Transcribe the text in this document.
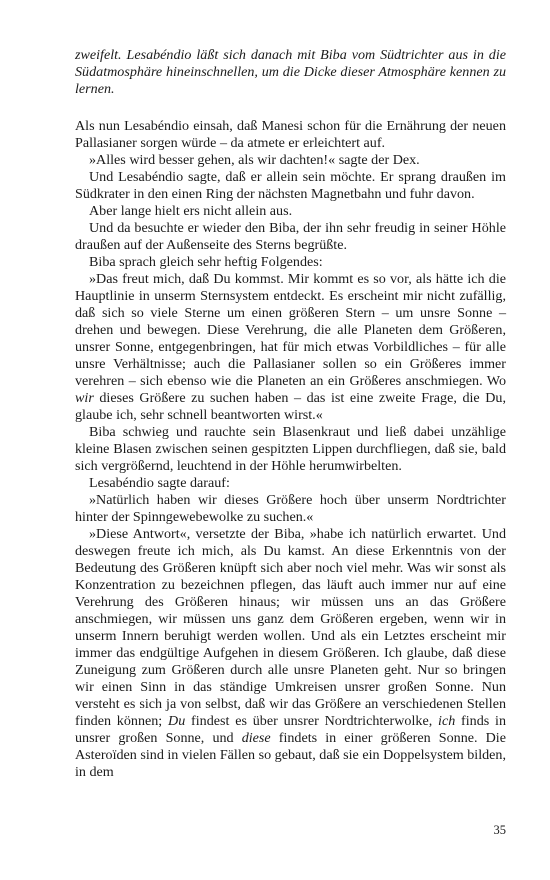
zweifelt. Lesabéndio läßt sich danach mit Biba vom Südtrichter aus in die Südatmosphäre hineinschnellen, um die Dicke dieser Atmosphäre kennen zu lernen.

Als nun Lesabéndio einsah, daß Manesi schon für die Ernährung der neuen Pallasianer sorgen würde – da atmete er erleichtert auf.

»Alles wird besser gehen, als wir dachten!« sagte der Dex.

Und Lesabéndio sagte, daß er allein sein möchte. Er sprang draußen im Südkrater in den einen Ring der nächsten Magnetbahn und fuhr davon.

Aber lange hielt ers nicht allein aus.

Und da besuchte er wieder den Biba, der ihn sehr freudig in seiner Höhle draußen auf der Außenseite des Sterns begrüßte.

Biba sprach gleich sehr heftig Folgendes:

»Das freut mich, daß Du kommst. Mir kommt es so vor, als hätte ich die Hauptlinie in unserm Sternsystem entdeckt. Es erscheint mir nicht zufällig, daß sich so viele Sterne um einen größeren Stern – um unsre Sonne – drehen und bewegen. Diese Verehrung, die alle Planeten dem Größeren, unsrer Sonne, entgegenbringen, hat für mich etwas Vorbildliches – für alle unsre Verhältnisse; auch die Pallasianer sollen so ein Größeres immer verehren – sich ebenso wie die Planeten an ein Größeres anschmiegen. Wo wir dieses Größere zu suchen haben – das ist eine zweite Frage, die Du, glaube ich, sehr schnell beantworten wirst.«

Biba schwieg und rauchte sein Blasenkraut und ließ dabei unzählige kleine Blasen zwischen seinen gespitzten Lippen durchfliegen, daß sie, bald sich vergrößernd, leuchtend in der Höhle herumwirbelten.

Lesabéndio sagte darauf:

»Natürlich haben wir dieses Größere hoch über unserm Nordtrichter hinter der Spinngewebewolke zu suchen.«

»Diese Antwort«, versetzte der Biba, »habe ich natürlich erwartet. Und deswegen freute ich mich, als Du kamst. An diese Erkenntnis von der Bedeutung des Größeren knüpft sich aber noch viel mehr. Was wir sonst als Konzentration zu bezeichnen pflegen, das läuft auch immer nur auf eine Verehrung des Größeren hinaus; wir müssen uns an das Größere anschmiegen, wir müssen uns ganz dem Größeren ergeben, wenn wir in unserm Innern beruhigt werden wollen. Und als ein Letztes erscheint mir immer das endgültige Aufgehen in diesem Größeren. Ich glaube, daß diese Zuneigung zum Größeren durch alle unsre Planeten geht. Nur so bringen wir einen Sinn in das ständige Umkreisen unsrer großen Sonne. Nun versteht es sich ja von selbst, daß wir das Größere an verschiedenen Stellen finden können; Du findest es über unsrer Nordtrichterwolke, ich finds in unsrer großen Sonne, und diese findets in einer größeren Sonne. Die Asteroïden sind in vielen Fällen so gebaut, daß sie ein Doppelsystem bilden, in dem

35
